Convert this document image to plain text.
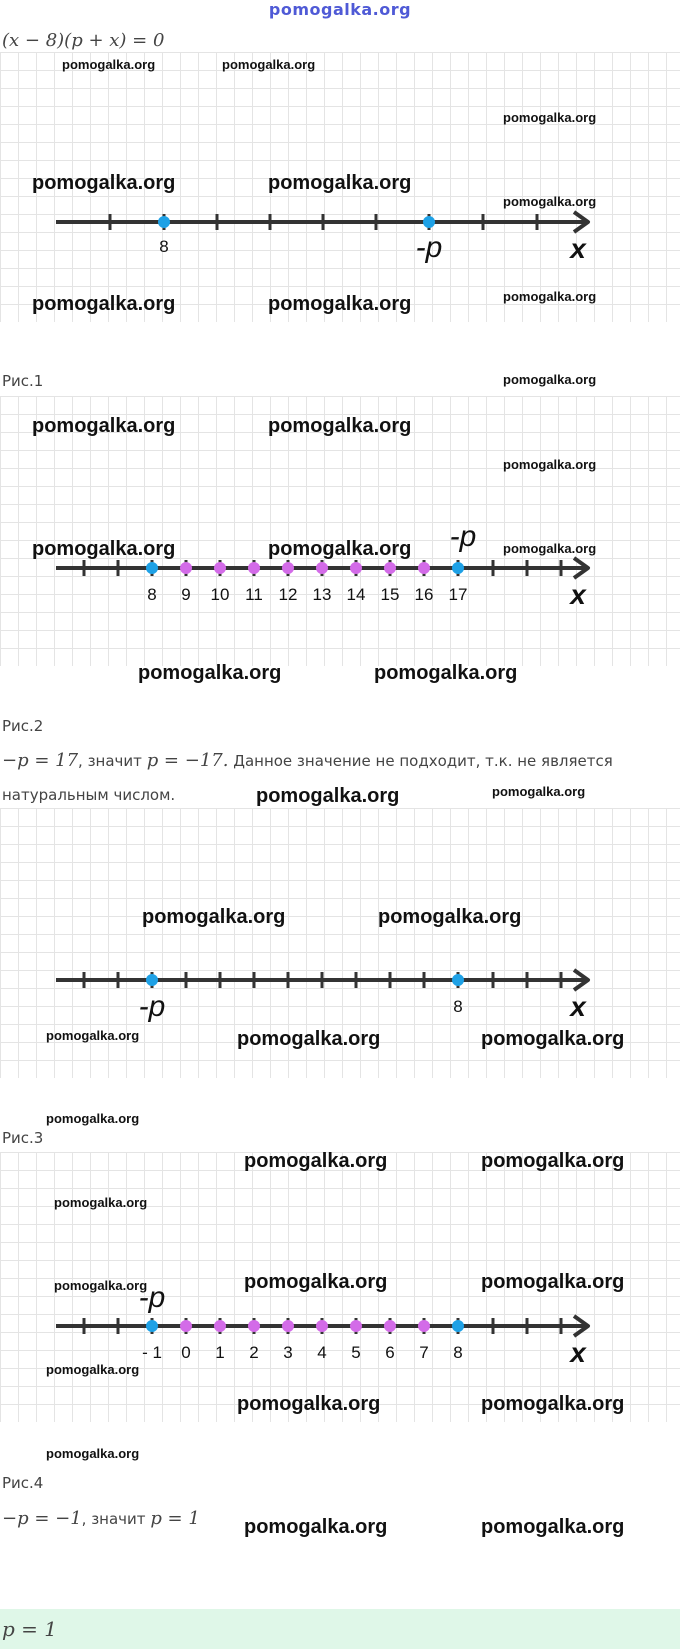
pomogalka.org
(x − 8)(p + x) = 0
8	-p	x
Рис.1
8 9 10 11 12 13 14 15 16 17
-p
x
Рис.2
−p = 17, значит p = −17. Данное значение не подходит, т.к. не является
натуральным числом.
-p	8	x
Рис.3
- 1 0 1 2 3 4 5 6 7 8
-p
x
Рис.4
−p = −1, значит p = 1
p = 1
pomogalka.org	pomogalka.org
pomogalka.org
pomogalka.org	pomogalka.org
pomogalka.org
pomogalka.org	pomogalka.org	pomogalka.org
pomogalka.org
pomogalka.org	pomogalka.org
pomogalka.org
pomogalka.org	pomogalka.org	pomogalka.org
pomogalka.org	pomogalka.org
pomogalka.org	pomogalka.org
pomogalka.org	pomogalka.org
pomogalka.org	pomogalka.org	pomogalka.org
pomogalka.org
pomogalka.org	pomogalka.org
pomogalka.org
pomogalka.org	pomogalka.org
pomogalka.org
pomogalka.org
pomogalka.org	pomogalka.org
pomogalka.org
pomogalka.org	pomogalka.org
